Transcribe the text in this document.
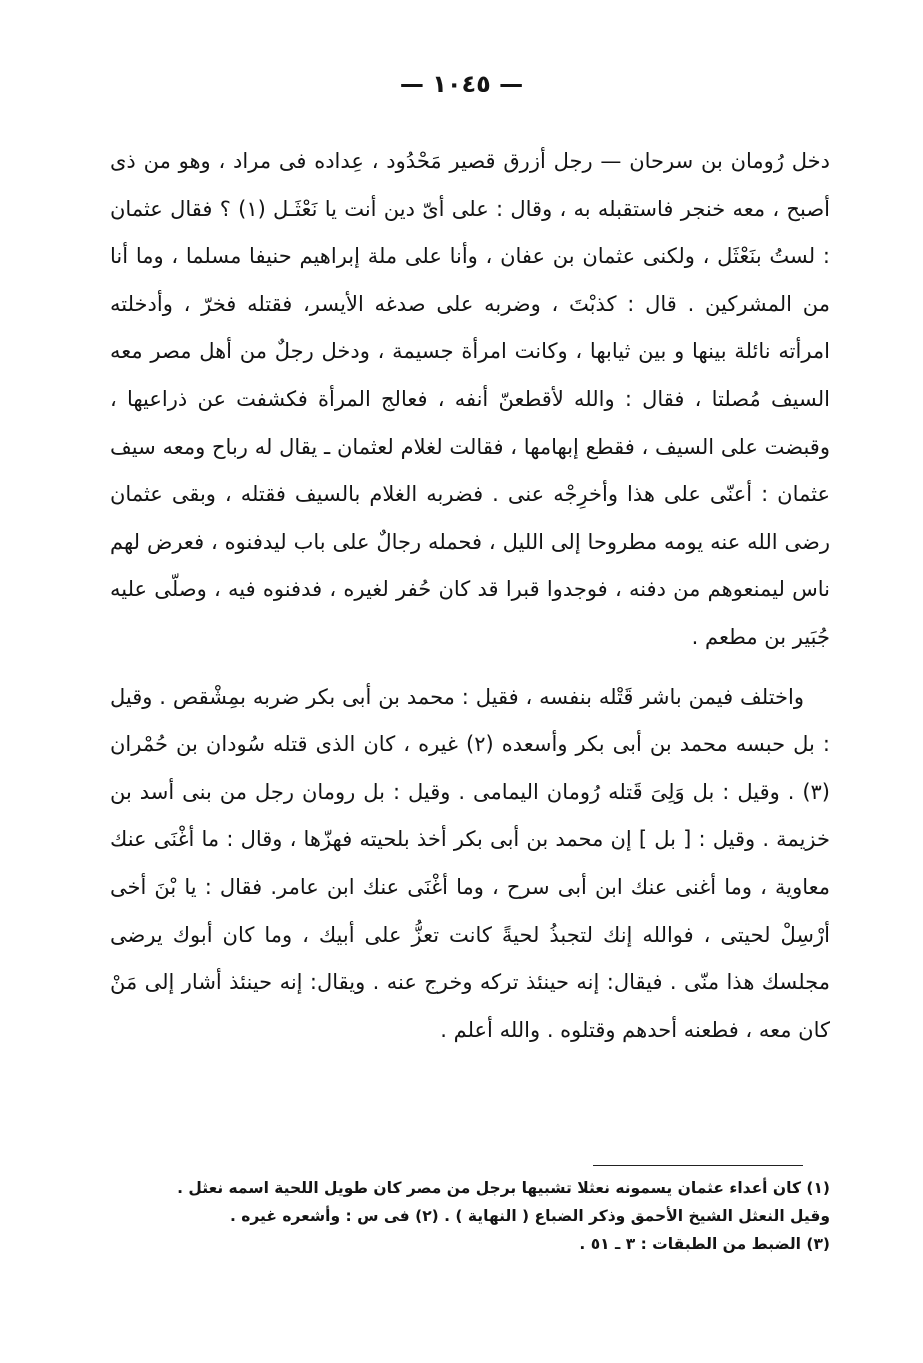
— ١٠٤٥ —

دخل رُومان بن سرحان — رجل أزرق قصير مَحْدُود ، عِداده فى مراد ، وهو من ذى أصبح ، معه خنجر فاستقبله به ، وقال : على أىّ دين أنت يا نَعْثَـل (١) ؟ فقال عثمان : لستُ بنَعْثَل ، ولكنى عثمان بن عفان ، وأنا على ملة إبراهيم حنيفا مسلما ، وما أنا من المشركين . قال : كذبْتَ ، وضربه على صدغه الأيسر، فقتله فخرّ ، وأدخلته امرأته نائلة بينها و بين ثيابها ، وكانت امرأة جسيمة ، ودخل رجلٌ من أهل مصر معه السيف مُصلتا ، فقال : والله لأقطعنّ أنفه ، فعالج المرأة فكشفت عن ذراعيها ، وقبضت على السيف ، فقطع إبهامها ، فقالت لغلام لعثمان ـ يقال له رباح ومعه سيف عثمان : أعنّى على هذا وأخرِجْه عنى . فضربه الغلام بالسيف فقتله ، وبقى عثمان رضى الله عنه يومه مطروحا إلى الليل ، فحمله رجالٌ على باب ليدفنوه ، فعرض لهم ناس ليمنعوهم من دفنه ، فوجدوا قبرا قد كان حُفر لغيره ، فدفنوه فيه ، وصلّى عليه جُبَير بن مطعم .

واختلف فيمن باشر قَتْله بنفسه ، فقيل : محمد بن أبى بكر ضربه بمِشْقص . وقيل : بل حبسه محمد بن أبى بكر وأسعده (٢) غيره ، كان الذى قتله سُودان بن حُمْران (٣) . وقيل : بل وَلِىَ قَتله رُومان اليمامى . وقيل : بل رومان رجل من بنى أسد بن خزيمة . وقيل : [ بل ] إن محمد بن أبى بكر أخذ بلحيته فهزّها ، وقال : ما أغْنَى عنك معاوية ، وما أغنى عنك ابن أبى سرح ، وما أغْنَى عنك ابن عامر. فقال : يا بْنَ أخى أرْسِلْ لحيتى ، فوالله إنك لتجبذُ لحيةً كانت تعزُّ على أبيك ، وما كان أبوك يرضى مجلسك هذا منّى . فيقال: إنه حينئذ تركه وخرج عنه . ويقال: إنه حينئذ أشار إلى مَنْ كان معه ، فطعنه أحدهم وقتلوه . والله أعلم .

(١) كان أعداء عثمان يسمونه نعثلا تشبيها برجل من مصر كان طويل اللحية اسمه نعثل .
وقيل النعثل الشيخ الأحمق وذكر الضباع ( النهاية ) . (٢) فى س : وأشعره غيره .
(٣) الضبط من الطبقات : ٣ ـ ٥١ .
